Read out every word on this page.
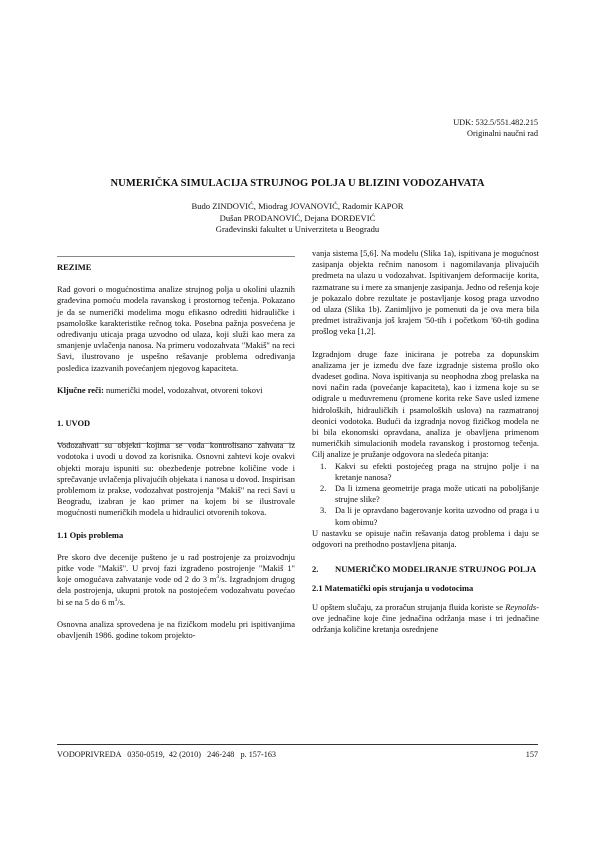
UDK: 532.5/551.482.215
Originalni naučni rad
NUMERIČKA SIMULACIJA STRUJNOG POLJA U BLIZINI VODOZAHVATA
Budo ZINDOVIĆ, Miodrag JOVANOVIĆ, Radomir KAPOR
Dušan PRODANOVIĆ, Dejana ĐORĐEVIĆ
Građevinski fakultet u Univerziteta u Beogradu
REZIME

Rad govori o mogućnostima analize strujnog polja u okolini ulaznih građevina pomoću modela ravanskog i prostornog tečenja. Pokazano je da se numerički modelima mogu efikasno odrediti hidrauličke i psamološke karakteristike rečnog toka. Posebna pažnja posvećena je određivanju uticaja praga uzvodno od ulaza, koji služi kao mera za smanjenje uvlačenja nanosa. Na primeru vodozahvata "Makiš" na reci Savi, ilustrovano je uspešno rešavanje problema određivanja posledica izazvanih povećanjem njegovog kapaciteta.

Ključne reči: numerički model, vodozahvat, otvoreni tokovi

1. UVOD

Vodozahvati su objekti kojima se voda kontrolisano zahvata iz vodotoka i uvodi u dovod za korisnika. Osnovni zahtevi koje ovakvi objekti moraju ispuniti su: obezbeđenje potrebne količine vode i sprečavanje uvlačenja plivajućih objekata i nanosa u dovod. Inspirisan problemom iz prakse, vodozahvat postrojenja "Makiš" na reci Savi u Beogradu, izabran je kao primer na kojem bi se ilustrovale mogućnosti numeričkih modela u hidraulici otvorenih tokova.

1.1 Opis problema

Pre skoro dve decenije pušteno je u rad postrojenje za proizvodnju pitke vode "Makiš". U prvoj fazi izgrađeno postrojenje "Makiš 1" koje omogućava zahvatanje vode od 2 do 3 $m^3/s$. Izgradnjom drugog dela postrojenja, ukupni protok na postojećem vodozahvatu povećao bi se na 5 do 6 $m^3/s$.

Osnovna analiza sprovedena je na fizičkom modelu pri ispitivanjima obavljenih 1986. godine tokom projekto-

vanja sistema [5,6]. Na modelu (Slika 1a), ispitivana je mogućnost zasipanja objekta rečnim nanosom i nagomilavanja plivajućih predmeta na ulazu u vodozahvat. Ispitivanjem deformacije korita, razmatrane su i mere za smanjenje zasipanja. Jedno od rešenja koje je pokazalo dobre rezultate je postavljanje kosog praga uzvodno od ulaza (Slika 1b). Zanimljivo je pomenuti da je ova mera bila predmet istraživanja još krajem '50-tih i početkom '60-tih godina prošlog veka [1,2].

Izgradnjom druge faze inicirana je potreba za dopunskim analizama jer je između dve faze izgradnje sistema prošlo oko dvadeset godina. Nova ispitivanja su neophodna zbog prelaska na novi način rada (povećanje kapaciteta), kao i izmena koje su se odigrale u međuvremenu (promene korita reke Save usled izmene hidroloških, hidrauličkih i psamoloških uslova) na razmatranoj deonici vodotoka. Budući da izgradnja novog fizičkog modela ne bi bila ekonomski opravdana, analiza je obavljena primenom numeričkih simulacionih modela ravanskog i prostornog tečenja. Cilj analize je pružanje odgovora na sledeća pitanja:

1. Kakvi su efekti postojećeg praga na strujno polje i na kretanje nanosa?
2. Da li izmena geometrije praga može uticati na poboljšanje strujne slike?
3. Da li je opravdano bagerovanje korita uzvodno od praga i u kom obimu?

U nastavku se opisuje način rešavanja datog problema i daju se odgovori na prethodno postavljena pitanja.

2. NUMERIČKO MODELIRANJE STRUJNOG POLJA

2.1 Matematički opis strujanja u vodotocima

U opštem slučaju, za proračun strujanja fluida koriste se Reynolds-ove jednačine koje čine jednačina održanja mase i tri jednačine održanja količine kretanja osrednjene

VODOPRIVREDA   0350-0519,  42 (2010)   246-248   p. 157-163	157
